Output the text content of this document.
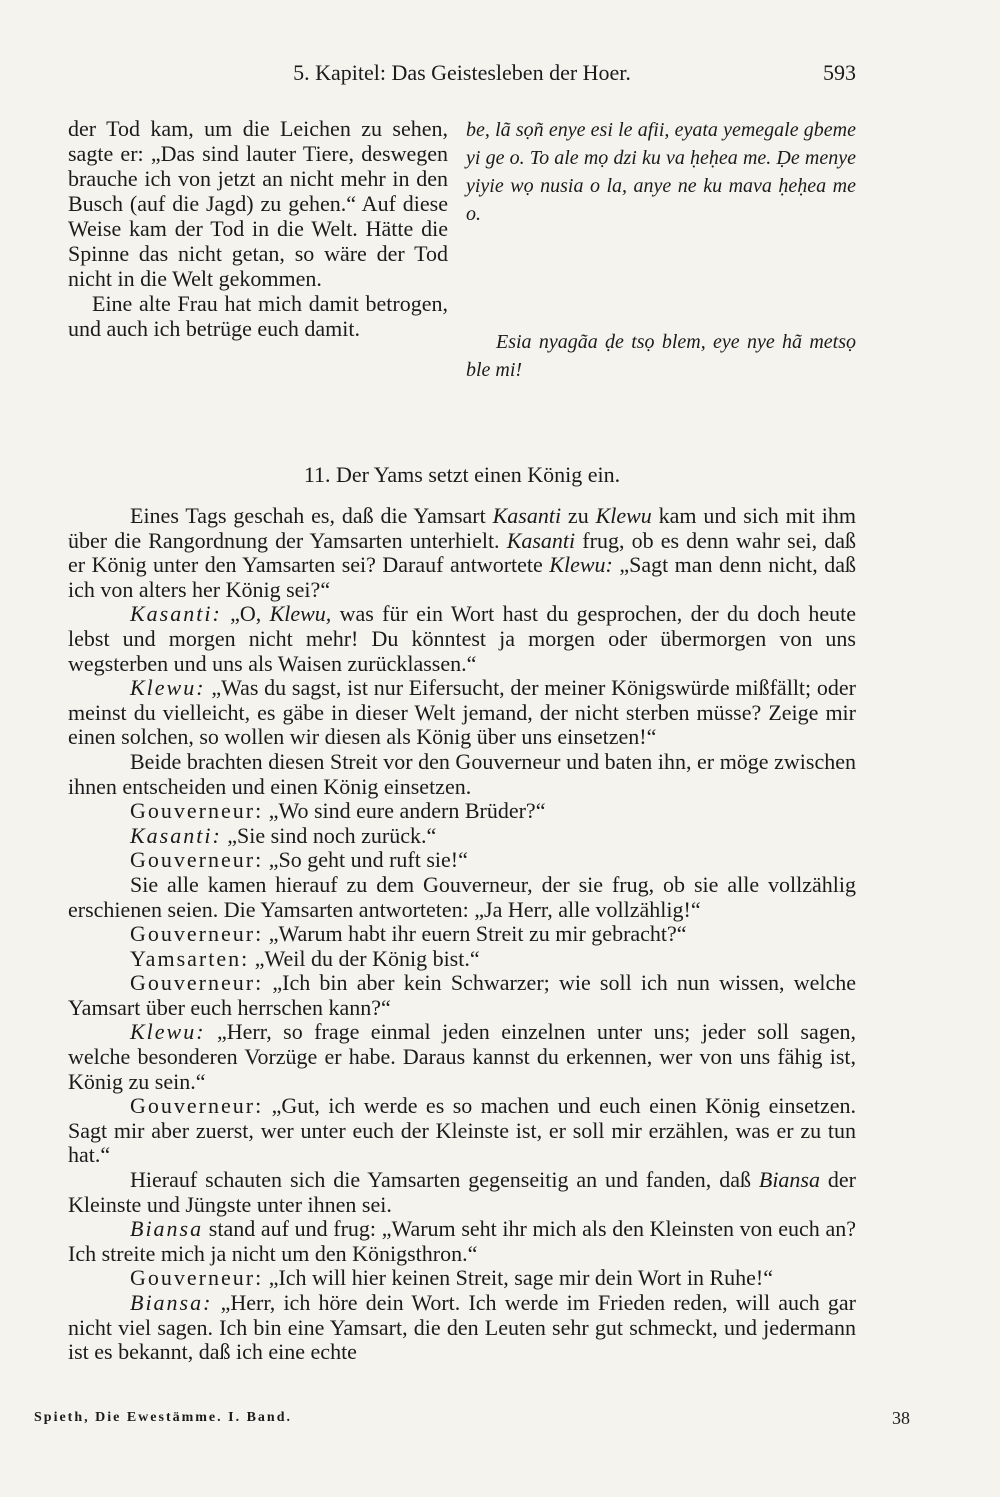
5. Kapitel: Das Geistesleben der Hoer.	593

der Tod kam, um die Leichen zu sehen, sagte er: „Das sind lauter Tiere, deswegen brauche ich von jetzt an nicht mehr in den Busch (auf die Jagd) zu gehen.“ Auf diese Weise kam der Tod in die Welt. Hätte die Spinne das nicht getan, so wäre der Tod nicht in die Welt gekommen.

Eine alte Frau hat mich damit betrogen, und auch ich betrüge euch damit.

be, lã sọñ enye esi le afii, eyata yemegale gbeme yi ge o. To ale mọ dzi ku va ḥeḥea me. Ḍe menye yiyie wọ nusia o la, anye ne ku mava ḥeḥea me o.

Esia nyagãa ḍe tsọ blem, eye nye hã metsọ ble mi!

11. Der Yams setzt einen König ein.

Eines Tags geschah es, daß die Yamsart Kasanti zu Klewu kam und sich mit ihm über die Rangordnung der Yamsarten unterhielt. Kasanti frug, ob es denn wahr sei, daß er König unter den Yamsarten sei? Darauf antwortete Klewu: „Sagt man denn nicht, daß ich von alters her König sei?“

Kasanti: „O, Klewu, was für ein Wort hast du gesprochen, der du doch heute lebst und morgen nicht mehr! Du könntest ja morgen oder übermorgen von uns wegsterben und uns als Waisen zurücklassen.“

Klewu: „Was du sagst, ist nur Eifersucht, der meiner Königswürde mißfällt; oder meinst du vielleicht, es gäbe in dieser Welt jemand, der nicht sterben müsse? Zeige mir einen solchen, so wollen wir diesen als König über uns einsetzen!“

Beide brachten diesen Streit vor den Gouverneur und baten ihn, er möge zwischen ihnen entscheiden und einen König einsetzen.

Gouverneur: „Wo sind eure andern Brüder?“

Kasanti: „Sie sind noch zurück.“

Gouverneur: „So geht und ruft sie!“

Sie alle kamen hierauf zu dem Gouverneur, der sie frug, ob sie alle vollzählig erschienen seien. Die Yamsarten antworteten: „Ja Herr, alle vollzählig!“

Gouverneur: „Warum habt ihr euern Streit zu mir gebracht?“

Yamsarten: „Weil du der König bist.“

Gouverneur: „Ich bin aber kein Schwarzer; wie soll ich nun wissen, welche Yamsart über euch herrschen kann?“

Klewu: „Herr, so frage einmal jeden einzelnen unter uns; jeder soll sagen, welche besonderen Vorzüge er habe. Daraus kannst du erkennen, wer von uns fähig ist, König zu sein.“

Gouverneur: „Gut, ich werde es so machen und euch einen König einsetzen. Sagt mir aber zuerst, wer unter euch der Kleinste ist, er soll mir erzählen, was er zu tun hat.“

Hierauf schauten sich die Yamsarten gegenseitig an und fanden, daß Biansa der Kleinste und Jüngste unter ihnen sei.

Biansa stand auf und frug: „Warum seht ihr mich als den Kleinsten von euch an? Ich streite mich ja nicht um den Königsthron.“

Gouverneur: „Ich will hier keinen Streit, sage mir dein Wort in Ruhe!“

Biansa: „Herr, ich höre dein Wort. Ich werde im Frieden reden, will auch gar nicht viel sagen. Ich bin eine Yamsart, die den Leuten sehr gut schmeckt, und jedermann ist es bekannt, daß ich eine echte

Spieth, Die Ewestämme. I. Band.	38
